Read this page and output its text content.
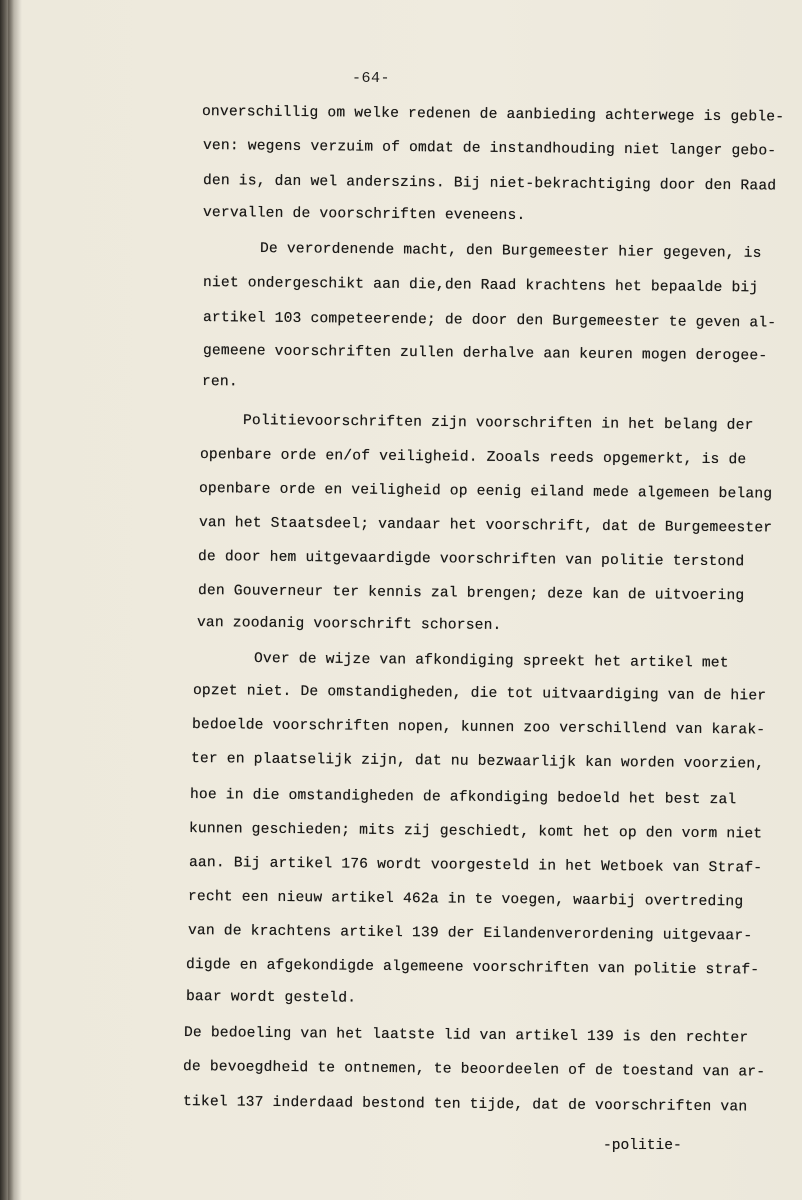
-64-
onverschillig om welke redenen de aanbieding achterwege is geble-
ven: wegens verzuim of omdat de instandhouding niet langer gebo-
den is, dan wel anderszins. Bij niet-bekrachtiging door den Raad
vervallen de voorschriften eveneens.
De verordenende macht, den Burgemeester hier gegeven, is
niet ondergeschikt aan die,den Raad krachtens het bepaalde bij
artikel 103 competeerende; de door den Burgemeester te geven al-
gemeene voorschriften zullen derhalve aan keuren mogen derogee-
ren.
Politievoorschriften zijn voorschriften in het belang der
openbare orde en/of veiligheid. Zooals reeds opgemerkt, is de
openbare orde en veiligheid op eenig eiland mede algemeen belang
van het Staatsdeel; vandaar het voorschrift, dat de Burgemeester
de door hem uitgevaardigde voorschriften van politie terstond
den Gouverneur ter kennis zal brengen; deze kan de uitvoering
van zoodanig voorschrift schorsen.
Over de wijze van afkondiging spreekt het artikel met
opzet niet. De omstandigheden, die tot uitvaardiging van de hier
bedoelde voorschriften nopen, kunnen zoo verschillend van karak-
ter en plaatselijk zijn, dat nu bezwaarlijk kan worden voorzien,
hoe in die omstandigheden de afkondiging bedoeld het best zal
kunnen geschieden; mits zij geschiedt, komt het op den vorm niet
aan. Bij artikel 176 wordt voorgesteld in het Wetboek van Straf-
recht een nieuw artikel 462a in te voegen, waarbij overtreding
van de krachtens artikel 139 der Eilandenverordening uitgevaar-
digde en afgekondigde algemeene voorschriften van politie straf-
baar wordt gesteld.
De bedoeling van het laatste lid van artikel 139 is den rechter
de bevoegdheid te ontnemen, te beoordeelen of de toestand van ar-
tikel 137 inderdaad bestond ten tijde, dat de voorschriften van
-politie-
